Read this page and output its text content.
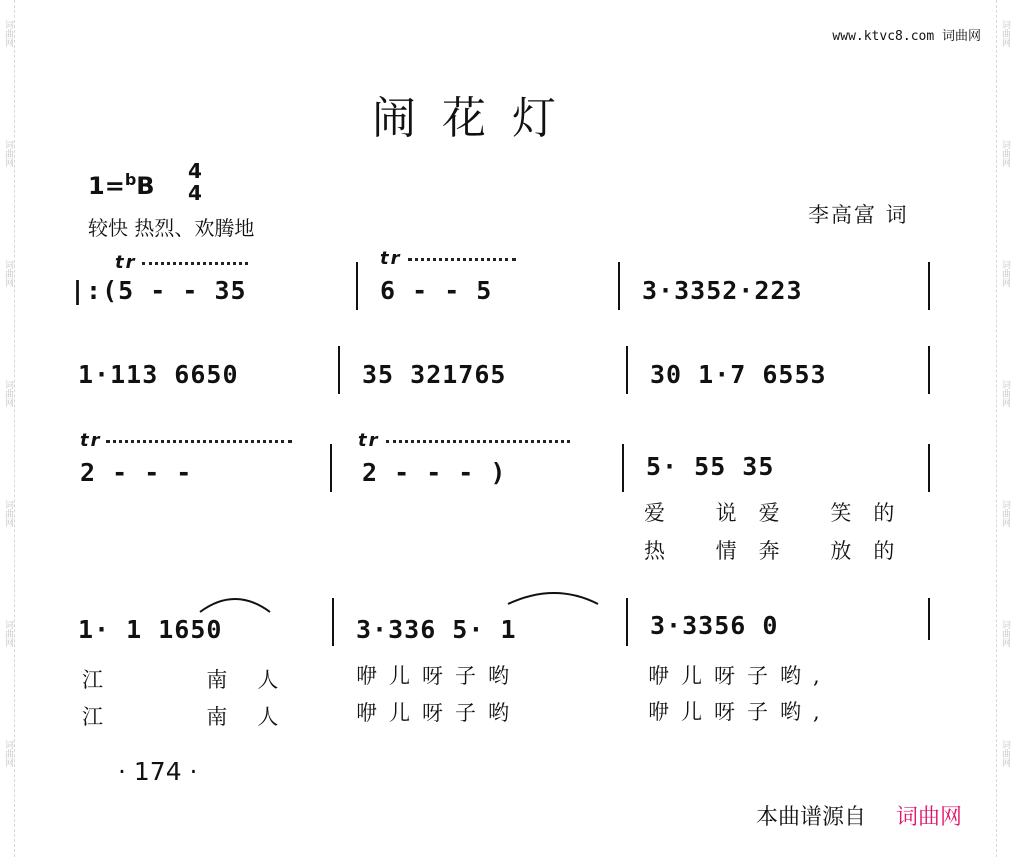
词曲网
词曲网
词曲网
词曲网
词曲网
词曲网
词曲网
词曲网
词曲网
词曲网
词曲网
词曲网
词曲网
词曲网
www.ktvc8.com 词曲网
闹花灯
1=$^b$B
4
4
较快 热烈、欢腾地
李高富 词
tr	tr
|:(5 - - 35	6 - - 5	3·3352·223
1·113 6650	35 321765	30 1·7 6553
tr	tr
2 - - -	2 - - - )	5· 55 35
爱 说爱 笑的
热 情奔 放的
1· 1 1650	3·336 5· 1	3·3356 0
江  南人
江  南人
咿儿呀子哟
咿儿呀子哟
咿儿呀子哟,
咿儿呀子哟,
· 174 ·
本曲谱源自 词曲网
